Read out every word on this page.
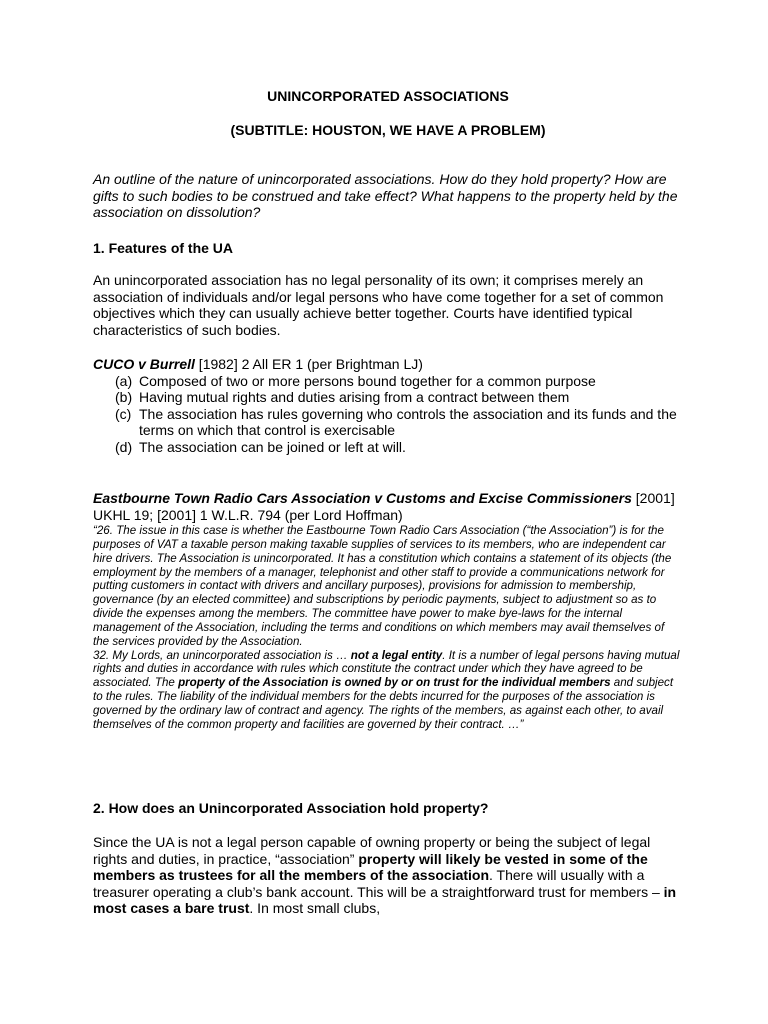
UNINCORPORATED ASSOCIATIONS
(SUBTITLE: HOUSTON, WE HAVE A PROBLEM)
An outline of the nature of unincorporated associations. How do they hold property? How are gifts to such bodies to be construed and take effect? What happens to the property held by the association on dissolution?
1. Features of the UA
An unincorporated association has no legal personality of its own; it comprises merely an association of individuals and/or legal persons who have come together for a set of common objectives which they can usually achieve better together. Courts have identified typical characteristics of such bodies.
CUCO v Burrell [1982] 2 All ER 1 (per Brightman LJ)
(a) Composed of two or more persons bound together for a common purpose
(b) Having mutual rights and duties arising from a contract between them
(c) The association has rules governing who controls the association and its funds and the terms on which that control is exercisable
(d) The association can be joined or left at will.
Eastbourne Town Radio Cars Association v Customs and Excise Commissioners [2001] UKHL 19; [2001] 1 W.L.R. 794 (per Lord Hoffman)
“26. The issue in this case is whether the Eastbourne Town Radio Cars Association (“the Association”) is for the purposes of VAT a taxable person making taxable supplies of services to its members, who are independent car hire drivers. The Association is unincorporated. It has a constitution which contains a statement of its objects (the employment by the members of a manager, telephonist and other staff to provide a communications network for putting customers in contact with drivers and ancillary purposes), provisions for admission to membership, governance (by an elected committee) and subscriptions by periodic payments, subject to adjustment so as to divide the expenses among the members. The committee have power to make bye-laws for the internal management of the Association, including the terms and conditions on which members may avail themselves of the services provided by the Association.
32. My Lords, an unincorporated association is … not a legal entity. It is a number of legal persons having mutual rights and duties in accordance with rules which constitute the contract under which they have agreed to be associated. The property of the Association is owned by or on trust for the individual members and subject to the rules. The liability of the individual members for the debts incurred for the purposes of the association is governed by the ordinary law of contract and agency. The rights of the members, as against each other, to avail themselves of the common property and facilities are governed by their contract. …”
2. How does an Unincorporated Association hold property?
Since the UA is not a legal person capable of owning property or being the subject of legal rights and duties, in practice, “association” property will likely be vested in some of the members as trustees for all the members of the association. There will usually with a treasurer operating a club’s bank account. This will be a straightforward trust for members – in most cases a bare trust. In most small clubs,
